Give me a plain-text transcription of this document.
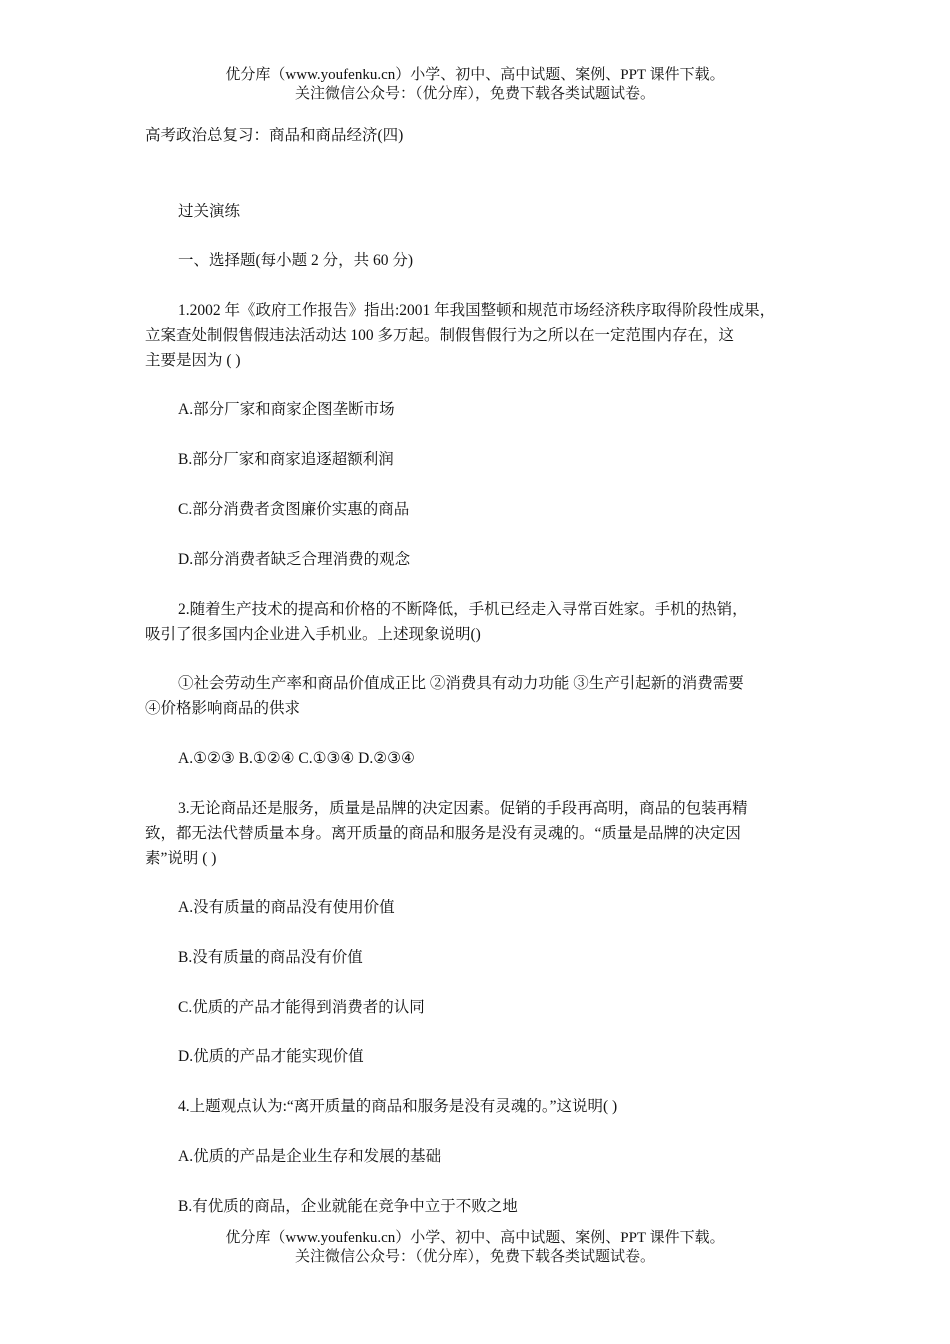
优分库（www.youfenku.cn）小学、初中、高中试题、案例、PPT 课件下载。
关注微信公众号：（优分库），免费下载各类试题试卷。
高考政治总复习：商品和商品经济(四)
过关演练
一、选择题(每小题 2 分，共 60 分)
1.2002 年《政府工作报告》指出:2001 年我国整顿和规范市场经济秩序取得阶段性成果，
立案查处制假售假违法活动达 100 多万起。制假售假行为之所以在一定范围内存在，这
主要是因为 ( )
A.部分厂家和商家企图垄断市场
B.部分厂家和商家追逐超额利润
C.部分消费者贪图廉价实惠的商品
D.部分消费者缺乏合理消费的观念
2.随着生产技术的提高和价格的不断降低，手机已经走入寻常百姓家。手机的热销，
吸引了很多国内企业进入手机业。上述现象说明()
①社会劳动生产率和商品价值成正比 ②消费具有动力功能 ③生产引起新的消费需要
④价格影响商品的供求
A.①②③ B.①②④ C.①③④ D.②③④
3.无论商品还是服务，质量是品牌的决定因素。促销的手段再高明，商品的包装再精
致，都无法代替质量本身。离开质量的商品和服务是没有灵魂的。“质量是品牌的决定因
素”说明 ( )
A.没有质量的商品没有使用价值
B.没有质量的商品没有价值
C.优质的产品才能得到消费者的认同
D.优质的产品才能实现价值
4.上题观点认为:“离开质量的商品和服务是没有灵魂的。”这说明( )
A.优质的产品是企业生存和发展的基础
B.有优质的商品，企业就能在竞争中立于不败之地
优分库（www.youfenku.cn）小学、初中、高中试题、案例、PPT 课件下载。
关注微信公众号：（优分库），免费下载各类试题试卷。
